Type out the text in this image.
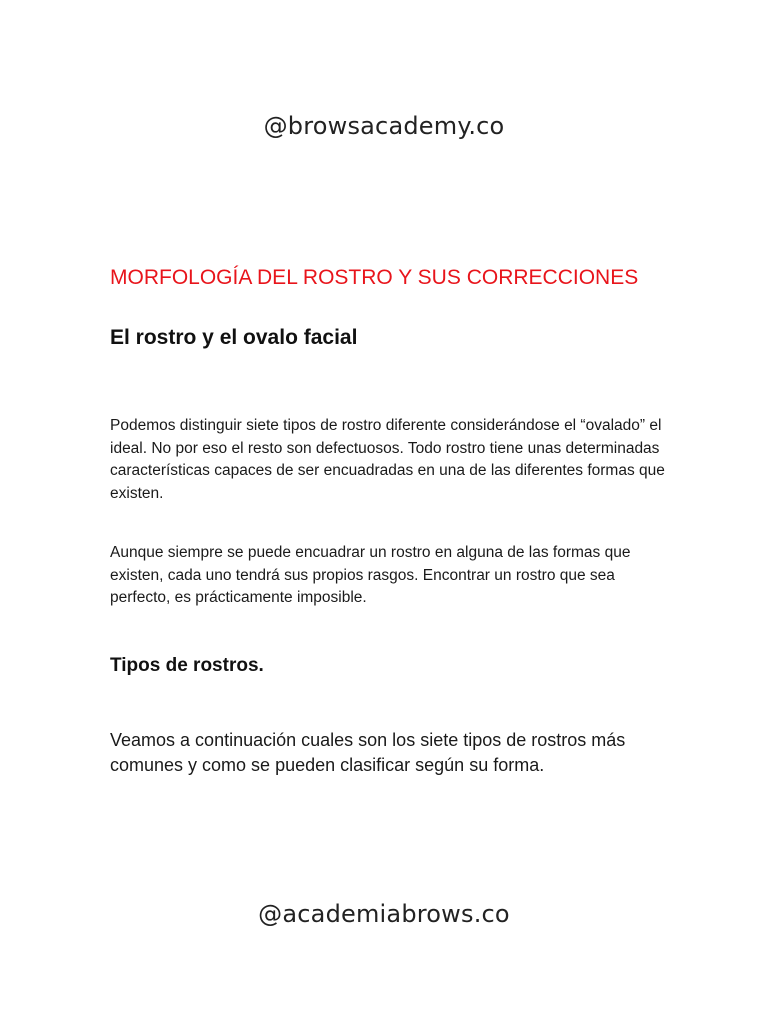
@browsacademy.co
MORFOLOGÍA DEL ROSTRO Y SUS CORRECCIONES
El rostro y el ovalo facial

Podemos distinguir siete tipos de rostro diferente considerándose el “ovalado” el ideal. No por eso el resto son defectuosos. Todo rostro tiene unas determinadas características capaces de ser encuadradas en una de las diferentes formas que existen.

Aunque siempre se puede encuadrar un rostro en alguna de las formas que existen, cada uno tendrá sus propios rasgos. Encontrar un rostro que sea perfecto, es prácticamente imposible.

Tipos de rostros.

Veamos a continuación cuales son los siete tipos de rostros más comunes y como se pueden clasificar según su forma.

@academiabrows.co
